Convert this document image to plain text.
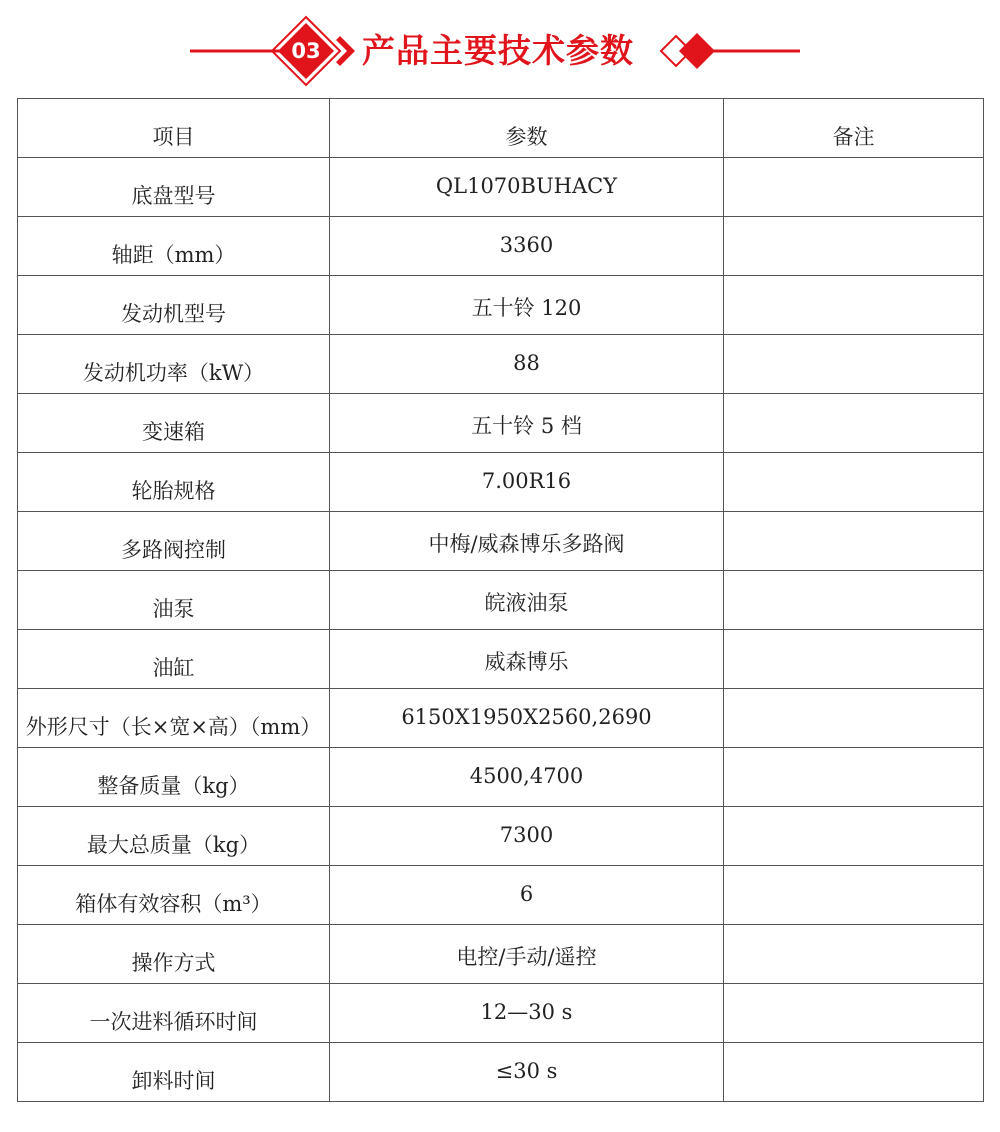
03 产品主要技术参数
项目	参数	备注
底盘型号	QL1070BUHACY	
轴距（mm）	3360	
发动机型号	五十铃 120	
发动机功率（kW）	88	
变速箱	五十铃 5 档	
轮胎规格	7.00R16	
多路阀控制	中梅/威森博乐多路阀	
油泵	皖液油泵	
油缸	威森博乐	
外形尺寸（长×宽×高）（mm）	6150X1950X2560,2690	
整备质量（kg）	4500,4700	
最大总质量（kg）	7300	
箱体有效容积（m³）	6	
操作方式	电控/手动/遥控	
一次进料循环时间	12—30 s	
卸料时间	≤30 s	
